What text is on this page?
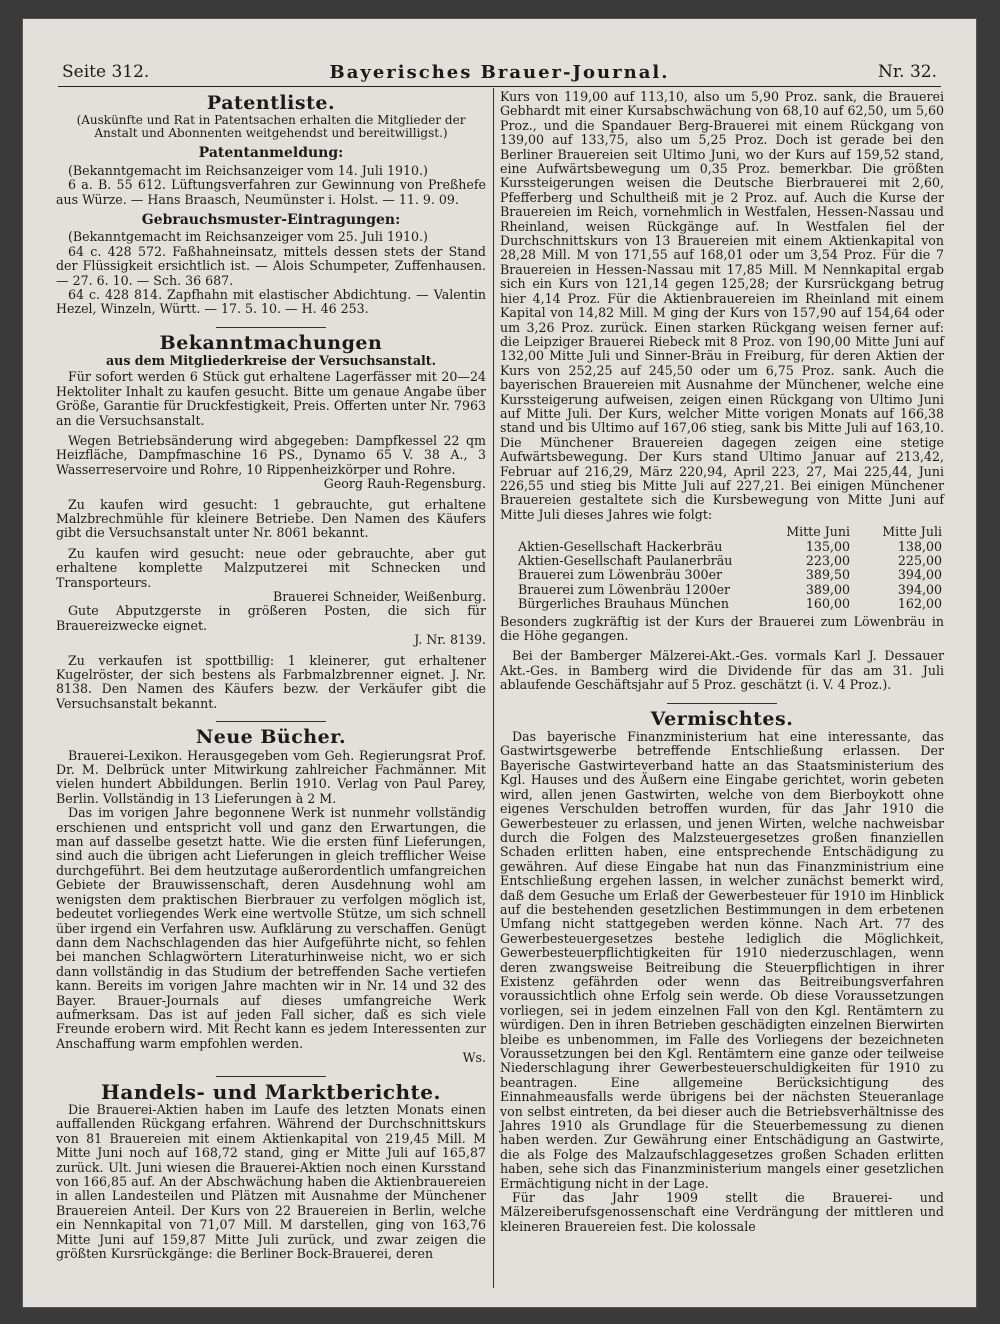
Seite 312.	Bayerisches Brauer-Journal.	Nr. 32.
Patentliste.
(Auskünfte und Rat in Patentsachen erhalten die Mitglieder der Anstalt und Abonnenten weitgehendst und bereitwilligst.)
Patentanmeldung:

(Bekanntgemacht im Reichsanzeiger vom 14. Juli 1910.)

6 a. B. 55 612. Lüftungsverfahren zur Gewinnung von Preßhefe aus Würze. — Hans Braasch, Neumünster i. Holst. — 11. 9. 09.

Gebrauchsmuster-Eintragungen:

(Bekanntgemacht im Reichsanzeiger vom 25. Juli 1910.)

64 c. 428 572. Faßhahneinsatz, mittels dessen stets der Stand der Flüssigkeit ersichtlich ist. — Alois Schumpeter, Zuffenhausen. — 27. 6. 10. — Sch. 36 687.

64 c. 428 814. Zapfhahn mit elastischer Abdichtung. — Valentin Hezel, Winzeln, Württ. — 17. 5. 10. — H. 46 253.

Bekanntmachungen
aus dem Mitgliederkreise der Versuchsanstalt.

Für sofort werden 6 Stück gut erhaltene Lagerfässer mit 20—24 Hektoliter Inhalt zu kaufen gesucht. Bitte um genaue Angabe über Größe, Garantie für Druckfestigkeit, Preis. Offerten unter Nr. 7963 an die Versuchsanstalt.

Wegen Betriebsänderung wird abgegeben: Dampfkessel 22 qm Heizfläche, Dampfmaschine 16 PS., Dynamo 65 V. 38 A., 3 Wasserreservoire und Rohre, 10 Rippenheizkörper und Rohre.

Georg Rauh-Regensburg.

Zu kaufen wird gesucht: 1 gebrauchte, gut erhaltene Malzbrechmühle für kleinere Betriebe. Den Namen des Käufers gibt die Versuchsanstalt unter Nr. 8061 bekannt.

Zu kaufen wird gesucht: neue oder gebrauchte, aber gut erhaltene komplette Malzputzerei mit Schnecken und Transporteurs.

Brauerei Schneider, Weißenburg.

Gute Abputzgerste in größeren Posten, die sich für Brauereizwecke eignet.

J. Nr. 8139.

Zu verkaufen ist spottbillig: 1 kleinerer, gut erhaltener Kugelröster, der sich bestens als Farbmalzbrenner eignet. J. Nr. 8138. Den Namen des Käufers bezw. der Verkäufer gibt die Versuchsanstalt bekannt.

Neue Bücher.

Brauerei-Lexikon. Herausgegeben vom Geh. Regierungsrat Prof. Dr. M. Delbrück unter Mitwirkung zahlreicher Fachmänner. Mit vielen hundert Abbildungen. Berlin 1910. Verlag von Paul Parey, Berlin. Vollständig in 13 Lieferungen à 2 M.

Das im vorigen Jahre begonnene Werk ist nunmehr vollständig erschienen und entspricht voll und ganz den Erwartungen, die man auf dasselbe gesetzt hatte. Wie die ersten fünf Lieferungen, sind auch die übrigen acht Lieferungen in gleich trefflicher Weise durchgeführt. Bei dem heutzutage außerordentlich umfangreichen Gebiete der Brauwissenschaft, deren Ausdehnung wohl am wenigsten dem praktischen Bierbrauer zu verfolgen möglich ist, bedeutet vorliegendes Werk eine wertvolle Stütze, um sich schnell über irgend ein Verfahren usw. Aufklärung zu verschaffen. Genügt dann dem Nachschlagenden das hier Aufgeführte nicht, so fehlen bei manchen Schlagwörtern Literaturhinweise nicht, wo er sich dann vollständig in das Studium der betreffenden Sache vertiefen kann. Bereits im vorigen Jahre machten wir in Nr. 14 und 32 des Bayer. Brauer-Journals auf dieses umfangreiche Werk aufmerksam. Das ist auf jeden Fall sicher, daß es sich viele Freunde erobern wird. Mit Recht kann es jedem Interessenten zur Anschaffung warm empfohlen werden.

Ws.

Handels- und Marktberichte.

Die Brauerei-Aktien haben im Laufe des letzten Monats einen auffallenden Rückgang erfahren. Während der Durchschnittskurs von 81 Brauereien mit einem Aktienkapital von 219,45 Mill. M Mitte Juni noch auf 168,72 stand, ging er Mitte Juli auf 165,87 zurück. Ult. Juni wiesen die Brauerei-Aktien noch einen Kursstand von 166,85 auf. An der Abschwächung haben die Aktienbrauereien in allen Landesteilen und Plätzen mit Ausnahme der Münchener Brauereien Anteil. Der Kurs von 22 Brauereien in Berlin, welche ein Nennkapital von 71,07 Mill. M darstellen, ging von 163,76 Mitte Juni auf 159,87 Mitte Juli zurück, und zwar zeigen die größten Kursrückgänge: die Berliner Bock-Brauerei, deren

Kurs von 119,00 auf 113,10, also um 5,90 Proz. sank, die Brauerei Gebhardt mit einer Kursabschwächung von 68,10 auf 62,50, um 5,60 Proz., und die Spandauer Berg-Brauerei mit einem Rückgang von 139,00 auf 133,75, also um 5,25 Proz. Doch ist gerade bei den Berliner Brauereien seit Ultimo Juni, wo der Kurs auf 159,52 stand, eine Aufwärtsbewegung um 0,35 Proz. bemerkbar. Die größten Kurssteigerungen weisen die Deutsche Bierbrauerei mit 2,60, Pfefferberg und Schultheiß mit je 2 Proz. auf. Auch die Kurse der Brauereien im Reich, vornehmlich in Westfalen, Hessen-Nassau und Rheinland, weisen Rückgänge auf. In Westfalen fiel der Durchschnittskurs von 13 Brauereien mit einem Aktienkapital von 28,28 Mill. M von 171,55 auf 168,01 oder um 3,54 Proz. Für die 7 Brauereien in Hessen-Nassau mit 17,85 Mill. M Nennkapital ergab sich ein Kurs von 121,14 gegen 125,28; der Kursrückgang betrug hier 4,14 Proz. Für die Aktienbrauereien im Rheinland mit einem Kapital von 14,82 Mill. M ging der Kurs von 157,90 auf 154,64 oder um 3,26 Proz. zurück. Einen starken Rückgang weisen ferner auf: die Leipziger Brauerei Riebeck mit 8 Proz. von 190,00 Mitte Juni auf 132,00 Mitte Juli und Sinner-Bräu in Freiburg, für deren Aktien der Kurs von 252,25 auf 245,50 oder um 6,75 Proz. sank. Auch die bayerischen Brauereien mit Ausnahme der Münchener, welche eine Kurssteigerung aufweisen, zeigen einen Rückgang von Ultimo Juni auf Mitte Juli. Der Kurs, welcher Mitte vorigen Monats auf 166,38 stand und bis Ultimo auf 167,06 stieg, sank bis Mitte Juli auf 163,10. Die Münchener Brauereien dagegen zeigen eine stetige Aufwärtsbewegung. Der Kurs stand Ultimo Januar auf 213,42, Februar auf 216,29, März 220,94, April 223, 27, Mai 225,44, Juni 226,55 und stieg bis Mitte Juli auf 227,21. Bei einigen Münchener Brauereien gestaltete sich die Kursbewegung von Mitte Juni auf Mitte Juli dieses Jahres wie folgt:

	Mitte Juni	Mitte Juli
Aktien-Gesellschaft Hackerbräu	135,00	138,00
Aktien-Gesellschaft Paulanerbräu	223,00	225,00
Brauerei zum Löwenbräu 300er	389,50	394,00
Brauerei zum Löwenbräu 1200er	389,00	394,00
Bürgerliches Brauhaus München	160,00	162,00

Besonders zugkräftig ist der Kurs der Brauerei zum Löwenbräu in die Höhe gegangen.

Bei der Bamberger Mälzerei-Akt.-Ges. vormals Karl J. Dessauer Akt.-Ges. in Bamberg wird die Dividende für das am 31. Juli ablaufende Geschäftsjahr auf 5 Proz. geschätzt (i. V. 4 Proz.).

Vermischtes.

Das bayerische Finanzministerium hat eine interessante, das Gastwirtsgewerbe betreffende Entschließung erlassen. Der Bayerische Gastwirteverband hatte an das Staatsministerium des Kgl. Hauses und des Äußern eine Eingabe gerichtet, worin gebeten wird, allen jenen Gastwirten, welche von dem Bierboykott ohne eigenes Verschulden betroffen wurden, für das Jahr 1910 die Gewerbesteuer zu erlassen, und jenen Wirten, welche nachweisbar durch die Folgen des Malzsteuergesetzes großen finanziellen Schaden erlitten haben, eine entsprechende Entschädigung zu gewähren. Auf diese Eingabe hat nun das Finanzministrium eine Entschließung ergehen lassen, in welcher zunächst bemerkt wird, daß dem Gesuche um Erlaß der Gewerbesteuer für 1910 im Hinblick auf die bestehenden gesetzlichen Bestimmungen in dem erbetenen Umfang nicht stattgegeben werden könne. Nach Art. 77 des Gewerbesteuergesetzes bestehe lediglich die Möglichkeit, Gewerbesteuerpflichtigkeiten für 1910 niederzuschlagen, wenn deren zwangsweise Beitreibung die Steuerpflichtigen in ihrer Existenz gefährden oder wenn das Beitreibungsverfahren voraussichtlich ohne Erfolg sein werde. Ob diese Voraussetzungen vorliegen, sei in jedem einzelnen Fall von den Kgl. Rentämtern zu würdigen. Den in ihren Betrieben geschädigten einzelnen Bierwirten bleibe es unbenommen, im Falle des Vorliegens der bezeichneten Voraussetzungen bei den Kgl. Rentämtern eine ganze oder teilweise Niederschlagung ihrer Gewerbesteuerschuldigkeiten für 1910 zu beantragen. Eine allgemeine Berücksichtigung des Einnahmeausfalls werde übrigens bei der nächsten Steueranlage von selbst eintreten, da bei dieser auch die Betriebsverhältnisse des Jahres 1910 als Grundlage für die Steuerbemessung zu dienen haben werden. Zur Gewährung einer Entschädigung an Gastwirte, die als Folge des Malzaufschlaggesetzes großen Schaden erlitten haben, sehe sich das Finanzministerium mangels einer gesetzlichen Ermächtigung nicht in der Lage.

Für das Jahr 1909 stellt die Brauerei- und Mälzereiberufsgenossenschaft eine Verdrängung der mittleren und kleineren Brauereien fest. Die kolossale
